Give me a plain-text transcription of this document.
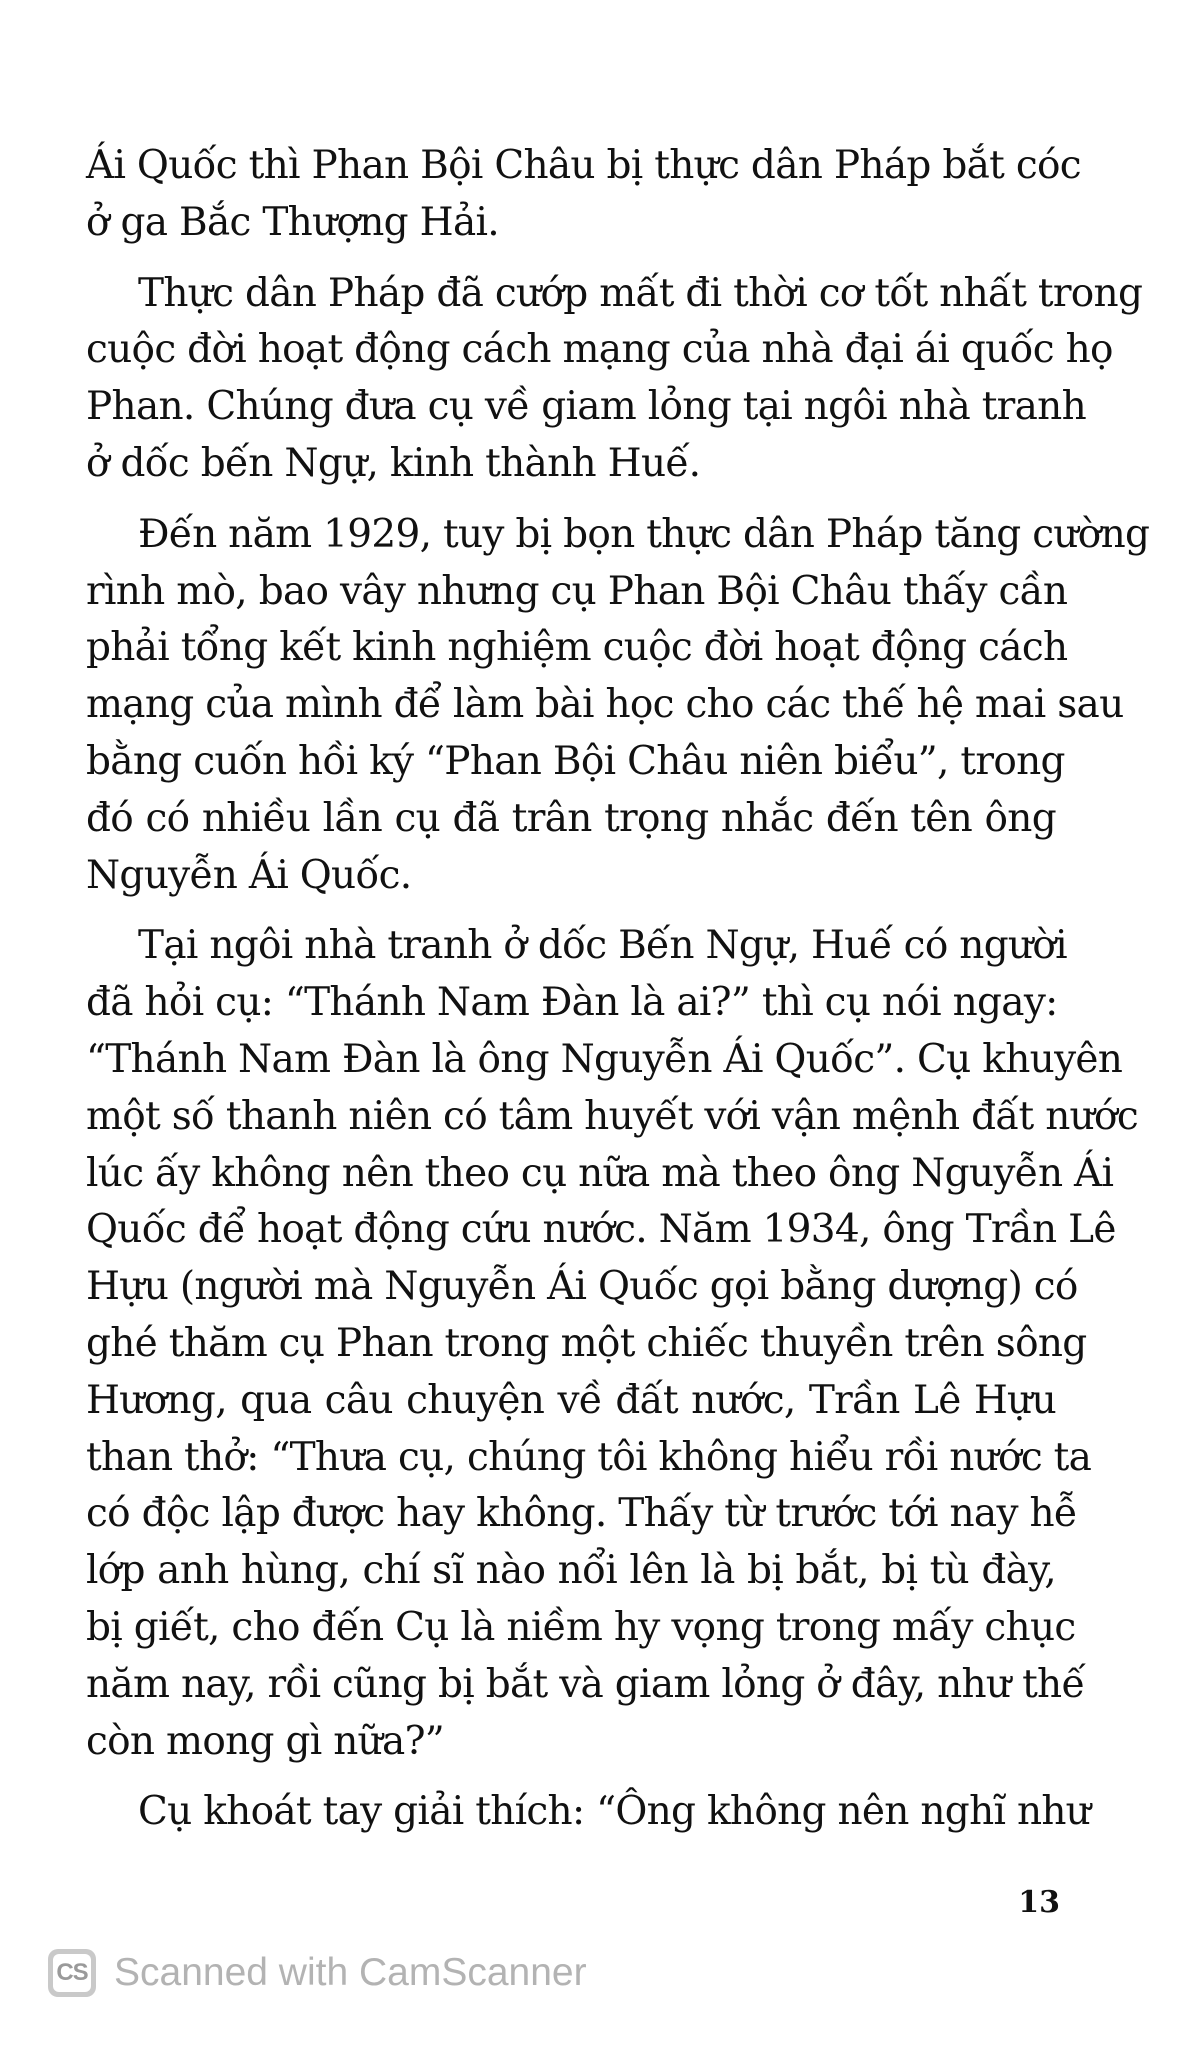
Ái Quốc thì Phan Bội Châu bị thực dân Pháp bắt cóc
ở ga Bắc Thượng Hải.
Thực dân Pháp đã cướp mất đi thời cơ tốt nhất trong
cuộc đời hoạt động cách mạng của nhà đại ái quốc họ
Phan. Chúng đưa cụ về giam lỏng tại ngôi nhà tranh
ở dốc bến Ngự, kinh thành Huế.
Đến năm 1929, tuy bị bọn thực dân Pháp tăng cường
rình mò, bao vây nhưng cụ Phan Bội Châu thấy cần
phải tổng kết kinh nghiệm cuộc đời hoạt động cách
mạng của mình để làm bài học cho các thế hệ mai sau
bằng cuốn hồi ký “Phan Bội Châu niên biểu”, trong
đó có nhiều lần cụ đã trân trọng nhắc đến tên ông
Nguyễn Ái Quốc.
Tại ngôi nhà tranh ở dốc Bến Ngự, Huế có người
đã hỏi cụ: “Thánh Nam Đàn là ai?” thì cụ nói ngay:
“Thánh Nam Đàn là ông Nguyễn Ái Quốc”. Cụ khuyên
một số thanh niên có tâm huyết với vận mệnh đất nước
lúc ấy không nên theo cụ nữa mà theo ông Nguyễn Ái
Quốc để hoạt động cứu nước. Năm 1934, ông Trần Lê
Hựu (người mà Nguyễn Ái Quốc gọi bằng dượng) có
ghé thăm cụ Phan trong một chiếc thuyền trên sông
Hương, qua câu chuyện về đất nước, Trần Lê Hựu
than thở: “Thưa cụ, chúng tôi không hiểu rồi nước ta
có độc lập được hay không. Thấy từ trước tới nay hễ
lớp anh hùng, chí sĩ nào nổi lên là bị bắt, bị tù đày,
bị giết, cho đến Cụ là niềm hy vọng trong mấy chục
năm nay, rồi cũng bị bắt và giam lỏng ở đây, như thế
còn mong gì nữa?”
Cụ khoát tay giải thích: “Ông không nên nghĩ như
13
CS Scanned with CamScanner
